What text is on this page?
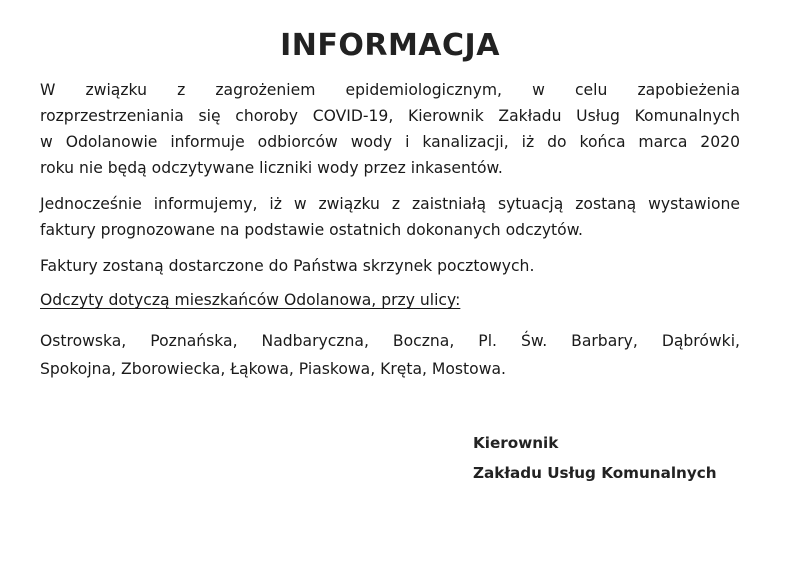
INFORMACJA
W związku z zagrożeniem epidemiologicznym, w celu zapobieżenia
rozprzestrzeniania się choroby COVID-19, Kierownik Zakładu Usług Komunalnych
w Odolanowie informuje odbiorców wody i kanalizacji, iż do końca marca 2020
roku nie będą odczytywane liczniki wody przez inkasentów.
Jednocześnie informujemy, iż w związku z zaistniałą sytuacją zostaną wystawione
faktury prognozowane na podstawie ostatnich dokonanych odczytów.
Faktury zostaną dostarczone do Państwa skrzynek pocztowych.
Odczyty dotyczą mieszkańców Odolanowa, przy ulicy:
Ostrowska, Poznańska, Nadbaryczna, Boczna, Pl. Św. Barbary, Dąbrówki,
Spokojna, Zborowiecka, Łąkowa, Piaskowa, Kręta, Mostowa.
Kierownik
Zakładu Usług Komunalnych
